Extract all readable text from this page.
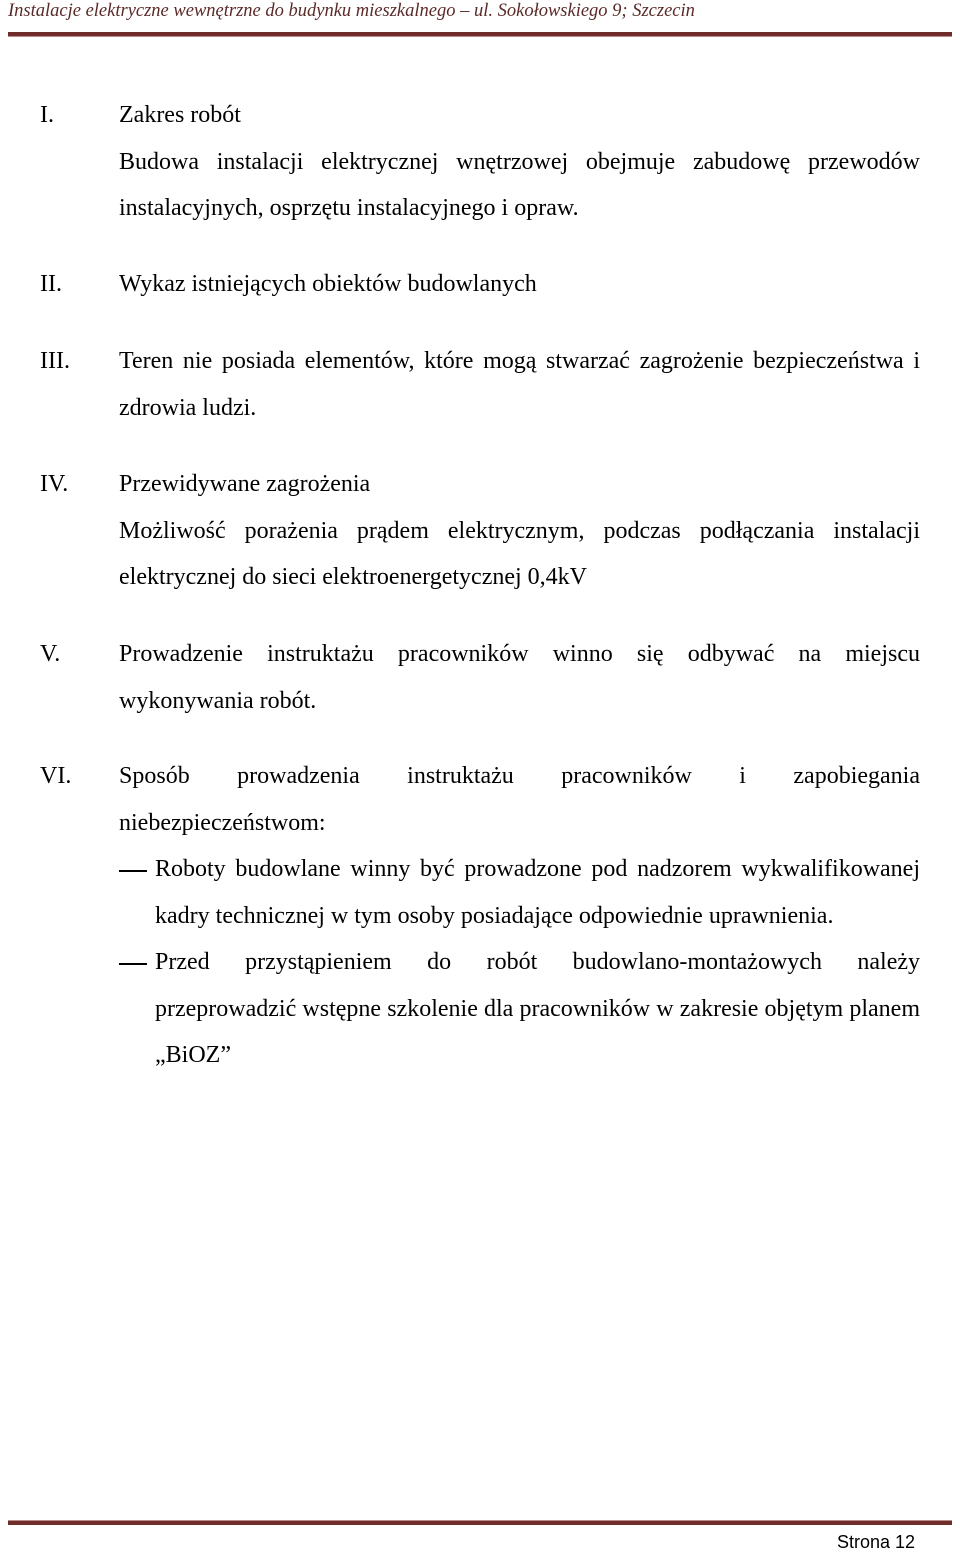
Instalacje elektryczne wewnętrzne do budynku mieszkalnego – ul. Sokołowskiego 9; Szczecin
I.	Zakres robót

Budowa instalacji elektrycznej wnętrzowej obejmuje zabudowę przewodów instalacyjnych, osprzętu instalacyjnego i opraw.

II. Wykaz istniejących obiektów budowlanych

III. Teren nie posiada elementów, które mogą stwarzać zagrożenie bezpieczeństwa i zdrowia ludzi.

IV. Przewidywane zagrożenia

Możliwość porażenia prądem elektrycznym, podczas podłączania instalacji elektrycznej do sieci elektroenergetycznej 0,4kV

V. Prowadzenie instruktażu pracowników winno się odbywać na miejscu wykonywania robót.

VI. Sposób prowadzenia instruktażu pracowników i zapobiegania niebezpieczeństwom:

Roboty budowlane winny być prowadzone pod nadzorem wykwalifikowanej kadry technicznej w tym osoby posiadające odpowiednie uprawnienia.
Przed przystąpieniem do robót budowlano-montażowych należy przeprowadzić wstępne szkolenie dla pracowników w zakresie objętym planem „BiOZ”
Strona 12
